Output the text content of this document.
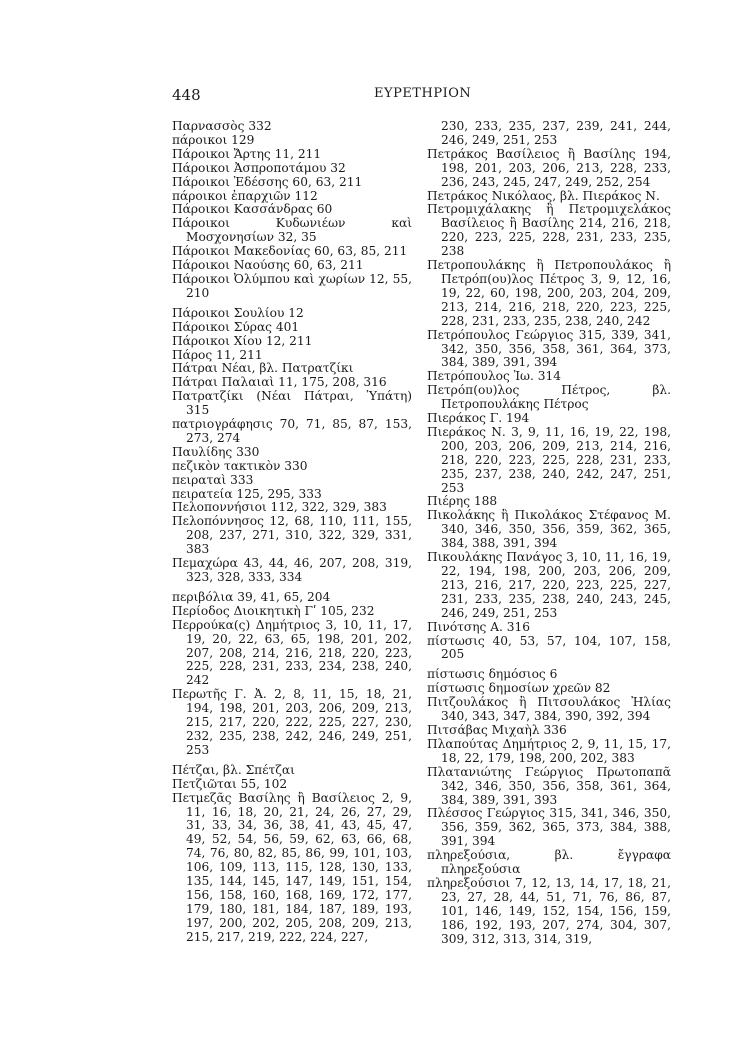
448	ΕΥΡΕΤΗΡΙΟΝ

Παρνασσὸς 332

πάροικοι 129

Πάροικοι Ἄρτης 11, 211

Πάροικοι Ἀσπροποτάμου 32

Πάροικοι Ἐδέσσης 60, 63, 211

πάροικοι ἐπαρχιῶν 112

Πάροικοι Κασσάνδρας 60

Πάροικοι Κυδωνιέων καὶ Μοσχονησίων 32, 35

Πάροικοι Μακεδονίας 60, 63, 85, 211

Πάροικοι Ναούσης 60, 63, 211

Πάροικοι Ὀλύμπου καὶ χωρίων 12, 55, 210

Πάροικοι Σουλίου 12

Πάροικοι Σύρας 401

Πάροικοι Χίου 12, 211

Πάρος 11, 211

Πάτραι Νέαι, βλ. Πατρατζίκι

Πάτραι Παλαιαὶ 11, 175, 208, 316

Πατρατζίκι (Νέαι Πάτραι, Ὑπάτη) 315

πατριογράφησις 70, 71, 85, 87, 153, 273, 274

Παυλίδης 330

πεζικὸν τακτικὸν 330

πειραταὶ 333

πειρατεία 125, 295, 333

Πελοποννήσιοι 112, 322, 329, 383

Πελοπόννησος 12, 68, 110, 111, 155, 208, 237, 271, 310, 322, 329, 331, 383

Πεμαχώρα 43, 44, 46, 207, 208, 319, 323, 328, 333, 334

περιβόλια 39, 41, 65, 204

Περίοδος Διοικητικὴ Γʹ 105, 232

Περρούκα(ς) Δημήτριος 3, 10, 11, 17, 19, 20, 22, 63, 65, 198, 201, 202, 207, 208, 214, 216, 218, 220, 223, 225, 228, 231, 233, 234, 238, 240, 242

Περωτῆς Γ. Ἀ. 2, 8, 11, 15, 18, 21, 194, 198, 201, 203, 206, 209, 213, 215, 217, 220, 222, 225, 227, 230, 232, 235, 238, 242, 246, 249, 251, 253

Πέτζαι, βλ. Σπέτζαι

Πετζιῶται 55, 102

Πετμεζᾶς Βασίλης ἢ Βασίλειος 2, 9, 11, 16, 18, 20, 21, 24, 26, 27, 29, 31, 33, 34, 36, 38, 41, 43, 45, 47, 49, 52, 54, 56, 59, 62, 63, 66, 68, 74, 76, 80, 82, 85, 86, 99, 101, 103, 106, 109, 113, 115, 128, 130, 133, 135, 144, 145, 147, 149, 151, 154, 156, 158, 160, 168, 169, 172, 177, 179, 180, 181, 184, 187, 189, 193, 197, 200, 202, 205, 208, 209, 213, 215, 217, 219, 222, 224, 227,

230, 233, 235, 237, 239, 241, 244, 246, 249, 251, 253

Πετράκος Βασίλειος ἢ Βασίλης 194, 198, 201, 203, 206, 213, 228, 233, 236, 243, 245, 247, 249, 252, 254

Πετράκος Νικόλαος, βλ. Πιεράκος Ν.

Πετρομιχάλακης ἢ Πετρομιχελάκος Βασίλειος ἢ Βασίλης 214, 216, 218, 220, 223, 225, 228, 231, 233, 235, 238

Πετροπουλάκης ἢ Πετροπουλάκος ἢ Πετρόπ(ου)λος Πέτρος 3, 9, 12, 16, 19, 22, 60, 198, 200, 203, 204, 209, 213, 214, 216, 218, 220, 223, 225, 228, 231, 233, 235, 238, 240, 242

Πετρόπουλος Γεώργιος 315, 339, 341, 342, 350, 356, 358, 361, 364, 373, 384, 389, 391, 394

Πετρόπουλος Ἰω. 314

Πετρόπ(ου)λος Πέτρος, βλ. Πετροπουλάκης Πέτρος

Πιεράκος Γ. 194

Πιεράκος Ν. 3, 9, 11, 16, 19, 22, 198, 200, 203, 206, 209, 213, 214, 216, 218, 220, 223, 225, 228, 231, 233, 235, 237, 238, 240, 242, 247, 251, 253

Πιέρης 188

Πικολάκης ἢ Πικολάκος Στέφανος Μ. 340, 346, 350, 356, 359, 362, 365, 384, 388, 391, 394

Πικουλάκης Πανάγος 3, 10, 11, 16, 19, 22, 194, 198, 200, 203, 206, 209, 213, 216, 217, 220, 223, 225, 227, 231, 233, 235, 238, 240, 243, 245, 246, 249, 251, 253

Πινότσης Α. 316

πίστωσις 40, 53, 57, 104, 107, 158, 205

πίστωσις δημόσιος 6

πίστωσις δημοσίων χρεῶν 82

Πιτζουλάκος ἢ Πιτσουλάκος Ἠλίας 340, 343, 347, 384, 390, 392, 394

Πιτσάβας Μιχαὴλ 336

Πλαπούτας Δημήτριος 2, 9, 11, 15, 17, 18, 22, 179, 198, 200, 202, 383

Πλατανιώτης Γεώργιος Πρωτοπαπᾶ 342, 346, 350, 356, 358, 361, 364, 384, 389, 391, 393

Πλέσσος Γεώργιος 315, 341, 346, 350, 356, 359, 362, 365, 373, 384, 388, 391, 394

πληρεξούσια, βλ. ἔγγραφα πληρεξούσια

πληρεξούσιοι 7, 12, 13, 14, 17, 18, 21, 23, 27, 28, 44, 51, 71, 76, 86, 87, 101, 146, 149, 152, 154, 156, 159, 186, 192, 193, 207, 274, 304, 307, 309, 312, 313, 314, 319,
